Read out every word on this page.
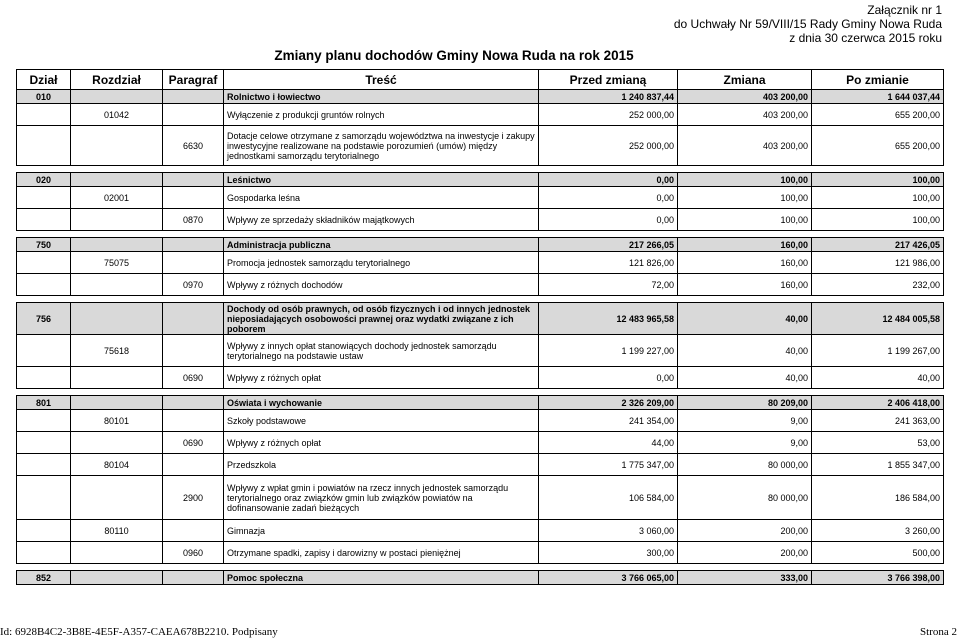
Załącznik nr 1
do Uchwały Nr 59/VIII/15 Rady Gminy Nowa Ruda
z dnia 30 czerwca 2015 roku
Zmiany planu dochodów Gminy Nowa Ruda na rok 2015
Dział	Rozdział	Paragraf	Treść	Przed zmianą	Zmiana	Po zmianie
010			Rolnictwo i łowiectwo	1 240 837,44	403 200,00	1 644 037,44
	01042		Wyłączenie z produkcji gruntów rolnych	252 000,00	403 200,00	655 200,00
		6630	Dotacje celowe otrzymane z samorządu województwa na inwestycje i zakupy inwestycyjne realizowane na podstawie porozumień (umów) między jednostkami samorządu terytorialnego	252 000,00	403 200,00	655 200,00

020			Leśnictwo	0,00	100,00	100,00
	02001		Gospodarka leśna	0,00	100,00	100,00
		0870	Wpływy ze sprzedaży składników majątkowych	0,00	100,00	100,00

750			Administracja publiczna	217 266,05	160,00	217 426,05
	75075		Promocja jednostek samorządu terytorialnego	121 826,00	160,00	121 986,00
		0970	Wpływy z różnych dochodów	72,00	160,00	232,00

756			Dochody od osób prawnych, od osób fizycznych i od innych jednostek nieposiadających osobowości prawnej oraz wydatki związane z ich poborem	12 483 965,58	40,00	12 484 005,58
	75618		Wpływy z innych opłat stanowiących dochody jednostek samorządu terytorialnego na podstawie ustaw	1 199 227,00	40,00	1 199 267,00
		0690	Wpływy z różnych opłat	0,00	40,00	40,00

801			Oświata i wychowanie	2 326 209,00	80 209,00	2 406 418,00
	80101		Szkoły podstawowe	241 354,00	9,00	241 363,00
		0690	Wpływy z różnych opłat	44,00	9,00	53,00
	80104		Przedszkola	1 775 347,00	80 000,00	1 855 347,00
		2900	Wpływy z wpłat gmin i powiatów na rzecz innych jednostek samorządu terytorialnego oraz związków gmin lub związków powiatów na dofinansowanie zadań bieżących	106 584,00	80 000,00	186 584,00
	80110		Gimnazja	3 060,00	200,00	3 260,00
		0960	Otrzymane spadki, zapisy i darowizny w postaci pieniężnej	300,00	200,00	500,00

852			Pomoc społeczna	3 766 065,00	333,00	3 766 398,00
Id: 6928B4C2-3B8E-4E5F-A357-CAEA678B2210. Podpisany	Strona 2
